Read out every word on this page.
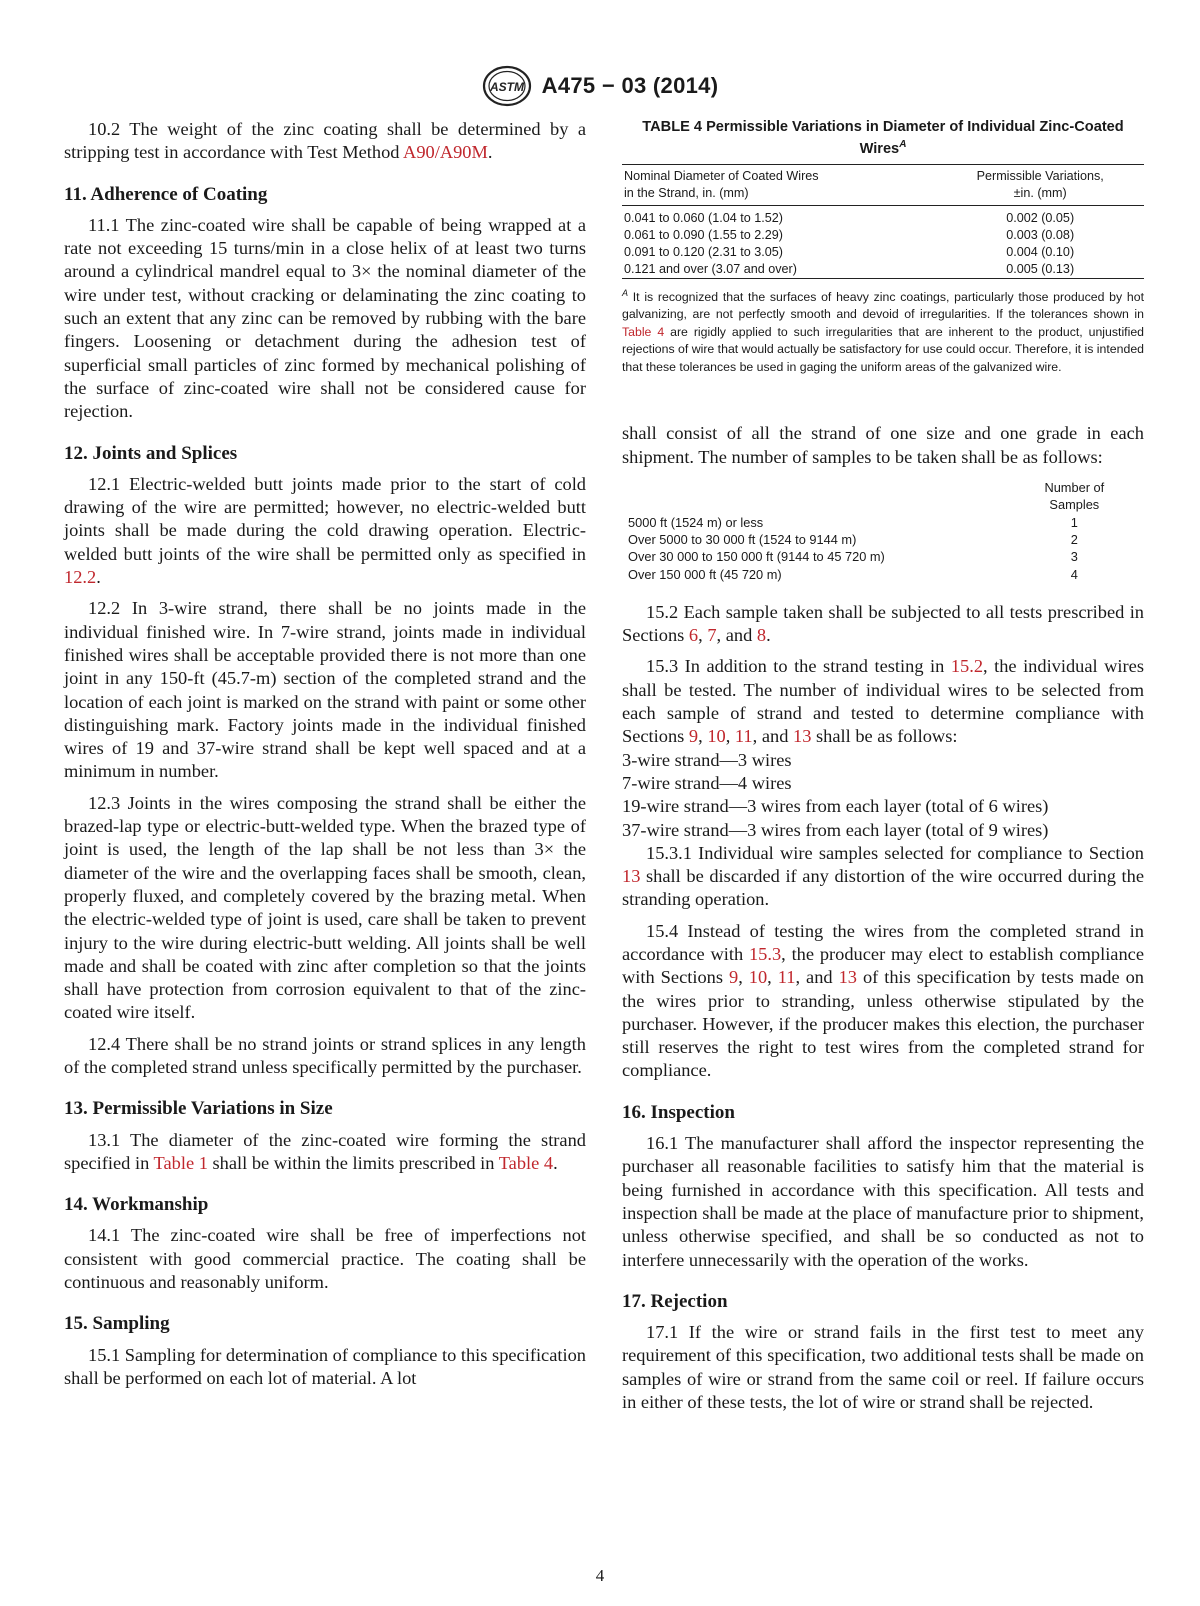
ASTM A475 − 03 (2014)

10.2 The weight of the zinc coating shall be determined by a stripping test in accordance with Test Method A90/A90M.

11. Adherence of Coating

11.1 The zinc-coated wire shall be capable of being wrapped at a rate not exceeding 15 turns/min in a close helix of at least two turns around a cylindrical mandrel equal to 3× the nominal diameter of the wire under test, without cracking or delaminating the zinc coating to such an extent that any zinc can be removed by rubbing with the bare fingers. Loosening or detachment during the adhesion test of superficial small particles of zinc formed by mechanical polishing of the surface of zinc-coated wire shall not be considered cause for rejection.

12. Joints and Splices

12.1 Electric-welded butt joints made prior to the start of cold drawing of the wire are permitted; however, no electric-welded butt joints shall be made during the cold drawing operation. Electric-welded butt joints of the wire shall be permitted only as specified in 12.2.

12.2 In 3-wire strand, there shall be no joints made in the individual finished wire. In 7-wire strand, joints made in individual finished wires shall be acceptable provided there is not more than one joint in any 150-ft (45.7-m) section of the completed strand and the location of each joint is marked on the strand with paint or some other distinguishing mark. Factory joints made in the individual finished wires of 19 and 37-wire strand shall be kept well spaced and at a minimum in number.

12.3 Joints in the wires composing the strand shall be either the brazed-lap type or electric-butt-welded type. When the brazed type of joint is used, the length of the lap shall be not less than 3× the diameter of the wire and the overlapping faces shall be smooth, clean, properly fluxed, and completely covered by the brazing metal. When the electric-welded type of joint is used, care shall be taken to prevent injury to the wire during electric-butt welding. All joints shall be well made and shall be coated with zinc after completion so that the joints shall have protection from corrosion equivalent to that of the zinc-coated wire itself.

12.4 There shall be no strand joints or strand splices in any length of the completed strand unless specifically permitted by the purchaser.

13. Permissible Variations in Size

13.1 The diameter of the zinc-coated wire forming the strand specified in Table 1 shall be within the limits prescribed in Table 4.

14. Workmanship

14.1 The zinc-coated wire shall be free of imperfections not consistent with good commercial practice. The coating shall be continuous and reasonably uniform.

15. Sampling

15.1 Sampling for determination of compliance to this specification shall be performed on each lot of material. A lot

TABLE 4 Permissible Variations in Diameter of Individual Zinc-Coated Wires$^A$
Nominal Diameter of Coated Wires
in the Strand, in. (mm)	Permissible Variations,
±in. (mm)
0.041 to 0.060 (1.04 to 1.52)	0.002 (0.05)
0.061 to 0.090 (1.55 to 2.29)	0.003 (0.08)
0.091 to 0.120 (2.31 to 3.05)	0.004 (0.10)
0.121 and over (3.07 and over)	0.005 (0.13)
$^A$ It is recognized that the surfaces of heavy zinc coatings, particularly those produced by hot galvanizing, are not perfectly smooth and devoid of irregularities. If the tolerances shown in Table 4 are rigidly applied to such irregularities that are inherent to the product, unjustified rejections of wire that would actually be satisfactory for use could occur. Therefore, it is intended that these tolerances be used in gaging the uniform areas of the galvanized wire.

shall consist of all the strand of one size and one grade in each shipment. The number of samples to be taken shall be as follows:

	Number of
Samples
5000 ft (1524 m) or less	1
Over 5000 to 30 000 ft (1524 to 9144 m)	2
Over 30 000 to 150 000 ft (9144 to 45 720 m)	3
Over 150 000 ft (45 720 m)	4

15.2 Each sample taken shall be subjected to all tests prescribed in Sections 6, 7, and 8.

15.3 In addition to the strand testing in 15.2, the individual wires shall be tested. The number of individual wires to be selected from each sample of strand and tested to determine compliance with Sections 9, 10, 11, and 13 shall be as follows:

3-wire strand—3 wires

7-wire strand—4 wires

19-wire strand—3 wires from each layer (total of 6 wires)

37-wire strand—3 wires from each layer (total of 9 wires)

15.3.1 Individual wire samples selected for compliance to Section 13 shall be discarded if any distortion of the wire occurred during the stranding operation.

15.4 Instead of testing the wires from the completed strand in accordance with 15.3, the producer may elect to establish compliance with Sections 9, 10, 11, and 13 of this specification by tests made on the wires prior to stranding, unless otherwise stipulated by the purchaser. However, if the producer makes this election, the purchaser still reserves the right to test wires from the completed strand for compliance.

16. Inspection

16.1 The manufacturer shall afford the inspector representing the purchaser all reasonable facilities to satisfy him that the material is being furnished in accordance with this specification. All tests and inspection shall be made at the place of manufacture prior to shipment, unless otherwise specified, and shall be so conducted as not to interfere unnecessarily with the operation of the works.

17. Rejection

17.1 If the wire or strand fails in the first test to meet any requirement of this specification, two additional tests shall be made on samples of wire or strand from the same coil or reel. If failure occurs in either of these tests, the lot of wire or strand shall be rejected.

4
